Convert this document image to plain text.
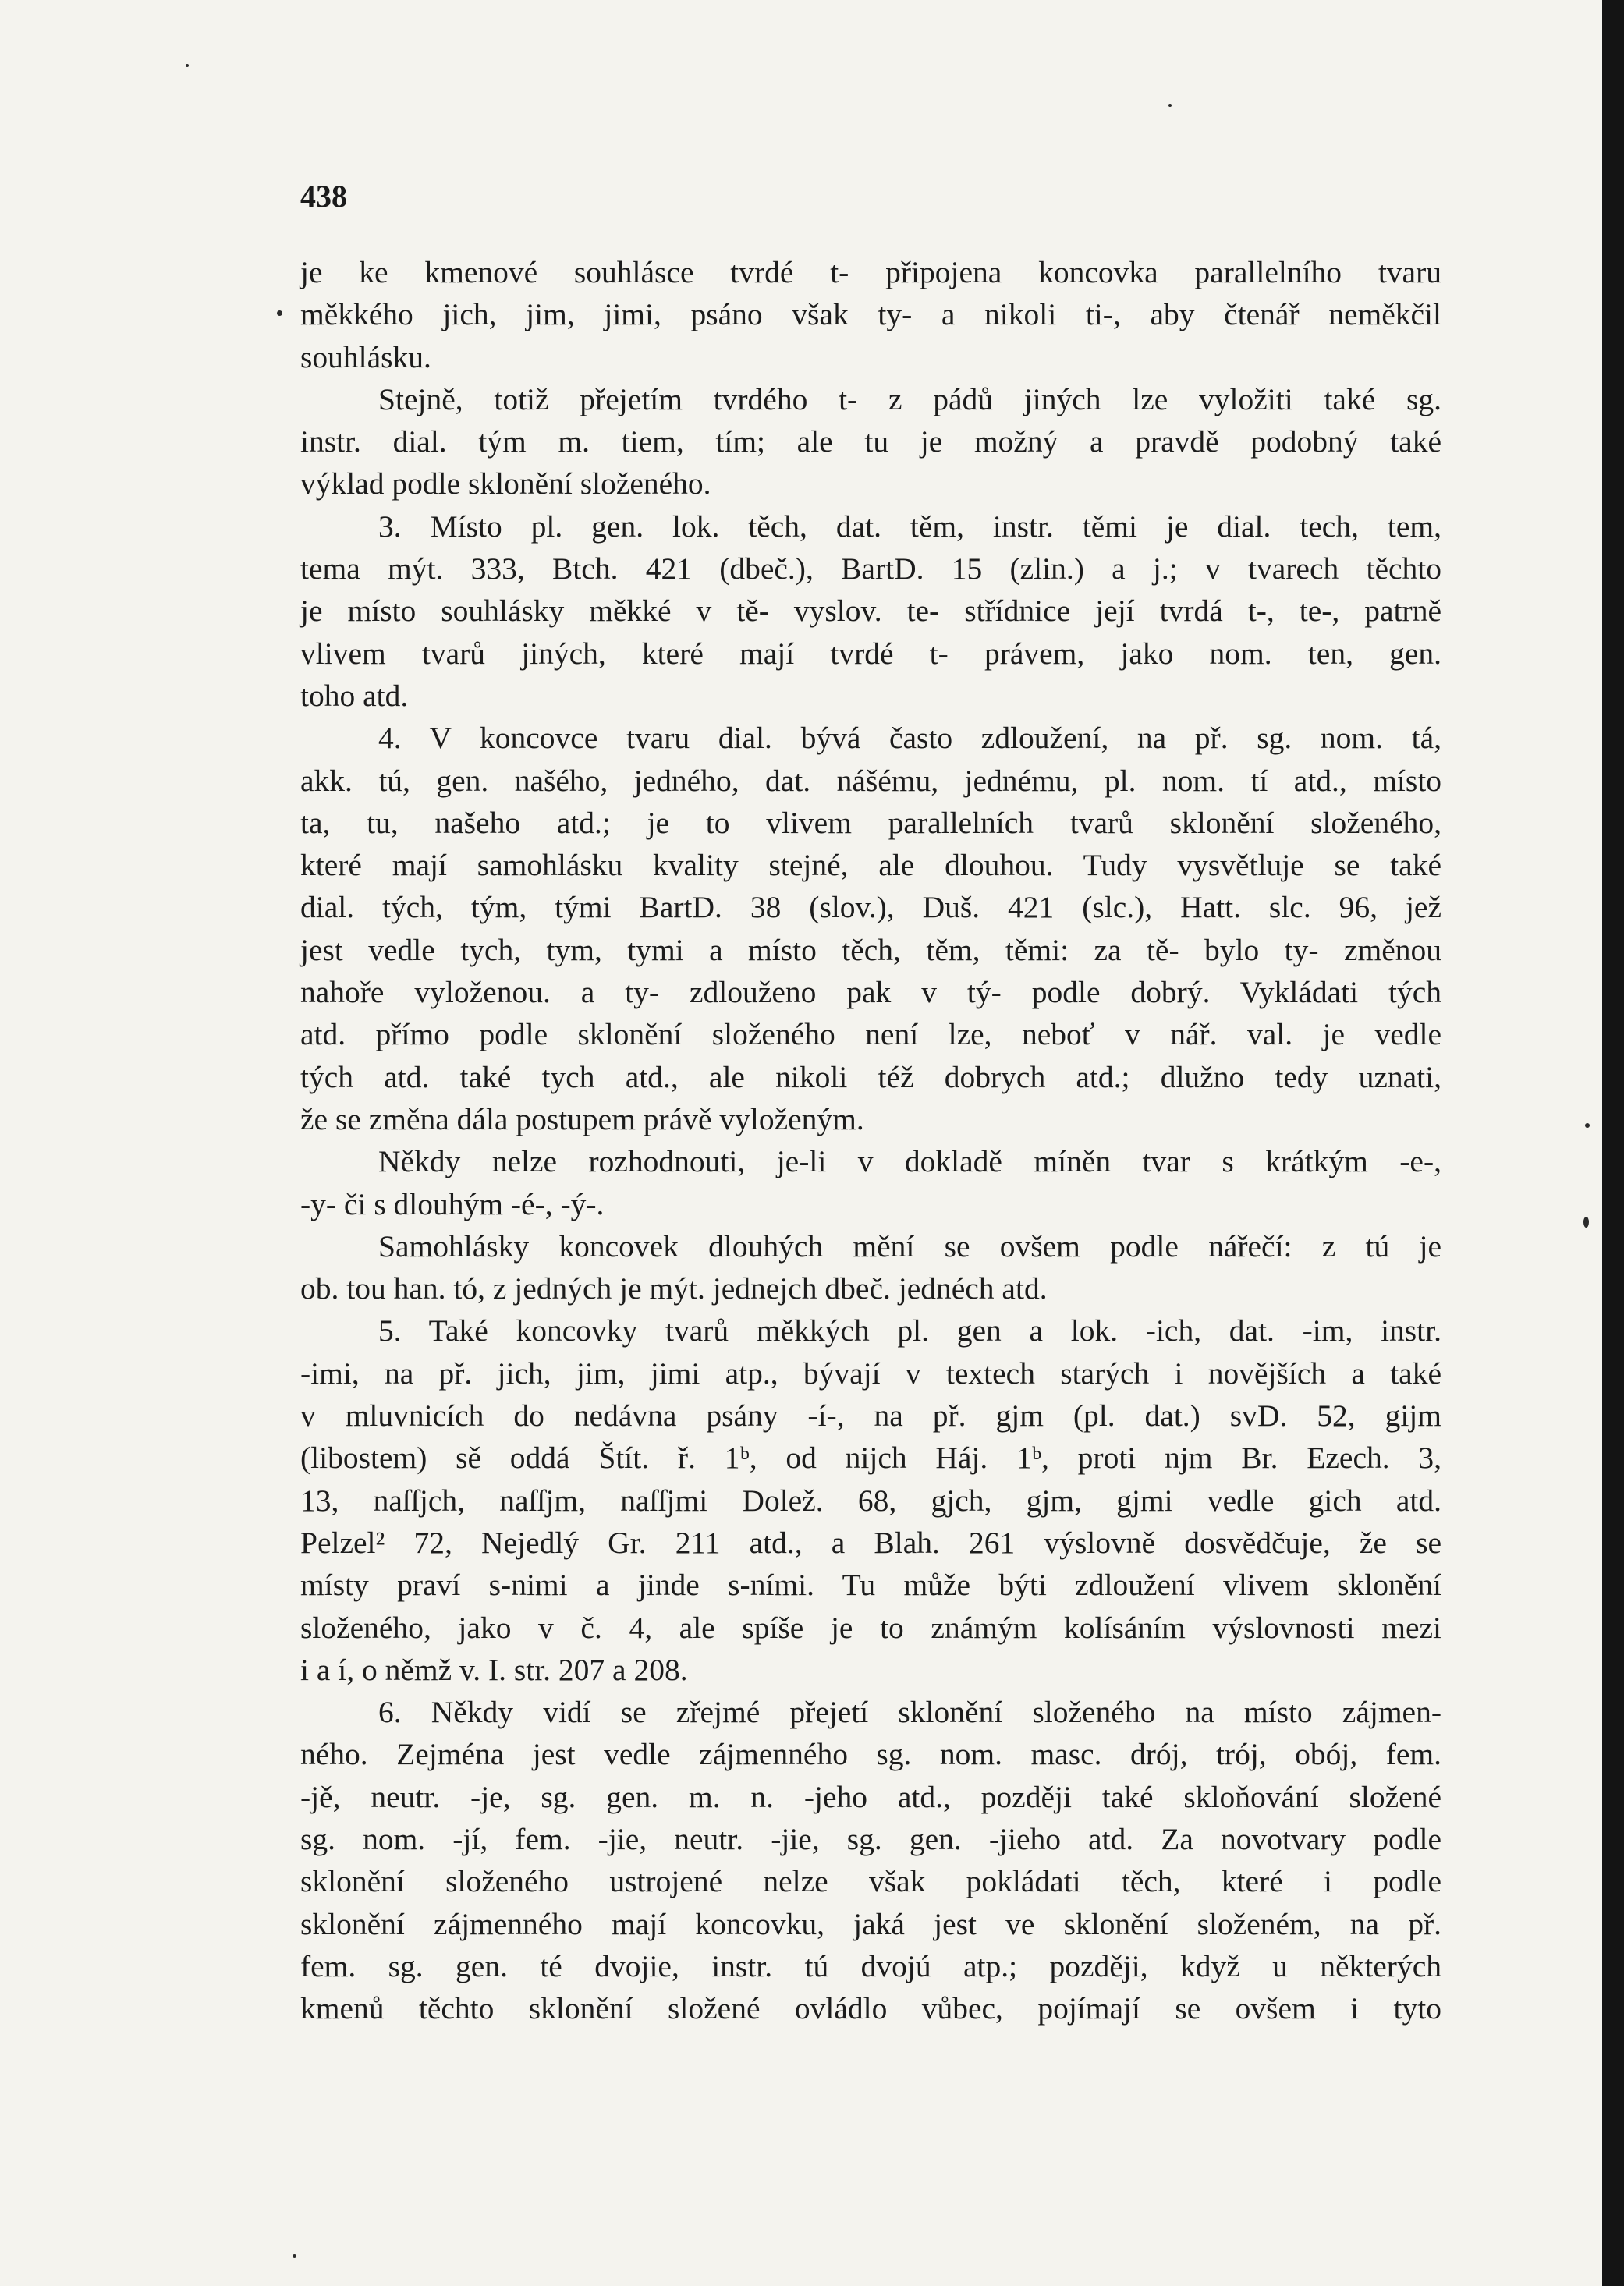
438
je ke kmenové souhlásce tvrdé t- připojena koncovka parallelního tvaru
měkkého jich, jim, jimi, psáno však ty- a nikoli ti-, aby čtenář neměkčil
souhlásku.
Stejně, totiž přejetím tvrdého t- z pádů jiných lze vyložiti také sg.
instr. dial. tým m. tiem, tím; ale tu je možný a pravdě podobný také
výklad podle sklonění složeného.
3. Místo pl. gen. lok. těch, dat. těm, instr. těmi je dial. tech, tem,
tema mýt. 333, Btch. 421 (dbeč.), BartD. 15 (zlin.) a j.; v tvarech těchto
je místo souhlásky měkké v tě- vyslov. te- střídnice její tvrdá t-, te-, patrně
vlivem tvarů jiných, které mají tvrdé t- právem, jako nom. ten, gen.
toho atd.
4. V koncovce tvaru dial. bývá často zdloužení, na př. sg. nom. tá,
akk. tú, gen. našého, jedného, dat. nášému, jednému, pl. nom. tí atd., místo
ta, tu, našeho atd.; je to vlivem parallelních tvarů sklonění složeného,
které mají samohlásku kvality stejné, ale dlouhou. Tudy vysvětluje se také
dial. tých, tým, tými BartD. 38 (slov.), Duš. 421 (slc.), Hatt. slc. 96, jež
jest vedle tych, tym, tymi a místo těch, těm, těmi: za tě- bylo ty- změnou
nahoře vyloženou. a ty- zdlouženo pak v tý- podle dobrý. Vykládati tých
atd. přímo podle sklonění složeného není lze, neboť v nář. val. je vedle
tých atd. také tych atd., ale nikoli též dobrych atd.; dlužno tedy uznati,
že se změna dála postupem právě vyloženým.
Někdy nelze rozhodnouti, je-li v dokladě míněn tvar s krátkým -e-,
-y- či s dlouhým -é-, -ý-.
Samohlásky koncovek dlouhých mění se ovšem podle nářečí: z tú je
ob. tou han. tó, z jedných je mýt. jednejch dbeč. jednéch atd.
5. Také koncovky tvarů měkkých pl. gen a lok. -ich, dat. -im, instr.
-imi, na př. jich, jim, jimi atp., bývají v textech starých i novějších a také
v mluvnicích do nedávna psány -í-, na př. gjm (pl. dat.) svD. 52, gijm
(libostem) sě oddá Štít. ř. 1ᵇ, od nijch Háj. 1ᵇ, proti njm Br. Ezech. 3,
13, naſſjch, naſſjm, naſſjmi Dolež. 68, gjch, gjm, gjmi vedle gich atd.
Pelzel² 72, Nejedlý Gr. 211 atd., a Blah. 261 výslovně dosvědčuje, že se
místy praví s-nimi a jinde s-ními. Tu může býti zdloužení vlivem sklonění
složeného, jako v č. 4, ale spíše je to známým kolísáním výslovnosti mezi
i a í, o němž v. I. str. 207 a 208.
6. Někdy vidí se zřejmé přejetí sklonění složeného na místo zájmen-
ného. Zejména jest vedle zájmenného sg. nom. masc. drój, trój, obój, fem.
-jě, neutr. -je, sg. gen. m. n. -jeho atd., později také skloňování složené
sg. nom. -jí, fem. -jie, neutr. -jie, sg. gen. -jieho atd. Za novotvary podle
sklonění složeného ustrojené nelze však pokládati těch, které i podle
sklonění zájmenného mají koncovku, jaká jest ve sklonění složeném, na př.
fem. sg. gen. té dvojie, instr. tú dvojú atp.; později, když u některých
kmenů těchto sklonění složené ovládlo vůbec, pojímají se ovšem i tyto
